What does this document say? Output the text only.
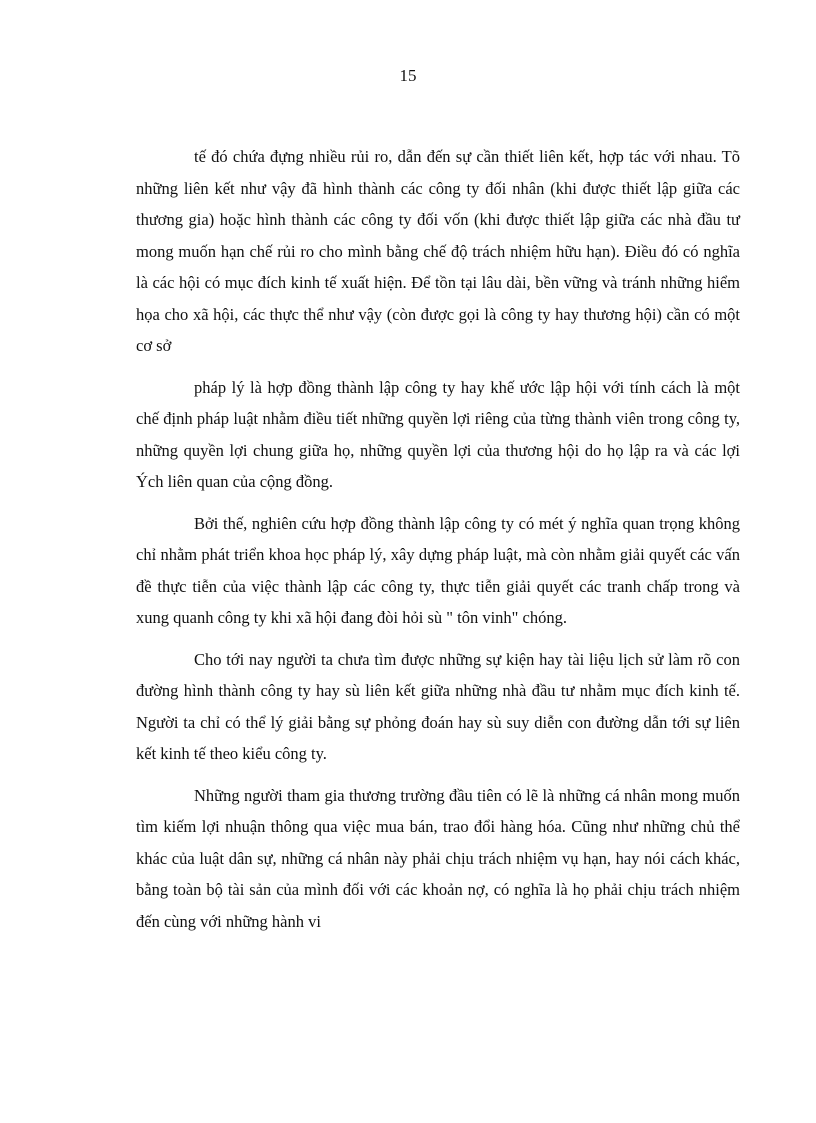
15

tế đó chứa đựng nhiều rủi ro, dẫn đến sự cần thiết liên kết, hợp tác với nhau. Tõ những liên kết như vậy đã hình thành các công ty đối nhân (khi được thiết lập giữa các thương gia) hoặc hình thành các công ty đối vốn (khi được thiết lập giữa các nhà đầu tư mong muốn hạn chế rủi ro cho mình bằng chế độ trách nhiệm hữu hạn). Điều đó có nghĩa là các hội có mục đích kinh tế xuất hiện. Để tồn tại lâu dài, bền vững và tránh những hiểm họa cho xã hội, các thực thể như vậy (còn được gọi là công ty hay thương hội) cần có một cơ sở

pháp lý là hợp đồng thành lập công ty hay khế ước lập hội với tính cách là một chế định pháp luật nhằm điều tiết những quyền lợi riêng của từng thành viên trong công ty, những quyền lợi chung giữa họ, những quyền lợi của thương hội do họ lập ra và các lợi Ých liên quan của cộng đồng.

Bởi thế, nghiên cứu hợp đồng thành lập công ty có mét ý nghĩa quan trọng không chỉ nhằm phát triển khoa học pháp lý, xây dựng pháp luật, mà còn nhằm giải quyết các vấn đề thực tiễn của việc thành lập các công ty, thực tiễn giải quyết các tranh chấp trong và xung quanh công ty khi xã hội đang đòi hỏi sù " tôn vinh" chóng.

Cho tới nay người ta chưa tìm được những sự kiện hay tài liệu lịch sử làm rõ con đường hình thành công ty hay sù liên kết giữa những nhà đầu tư nhằm mục đích kinh tế. Người ta chỉ có thể lý giải bằng sự phỏng đoán hay sù suy diễn con đường dẫn tới sự liên kết kinh tế theo kiểu công ty.

Những người tham gia thương trường đầu tiên có lẽ là những cá nhân mong muốn tìm kiếm lợi nhuận thông qua việc mua bán, trao đổi hàng hóa. Cũng như những chủ thể khác của luật dân sự, những cá nhân này phải chịu trách nhiệm vụ hạn, hay nói cách khác, bằng toàn bộ tài sản của mình đối với các khoản nợ, có nghĩa là họ phải chịu trách nhiệm đến cùng với những hành vi
